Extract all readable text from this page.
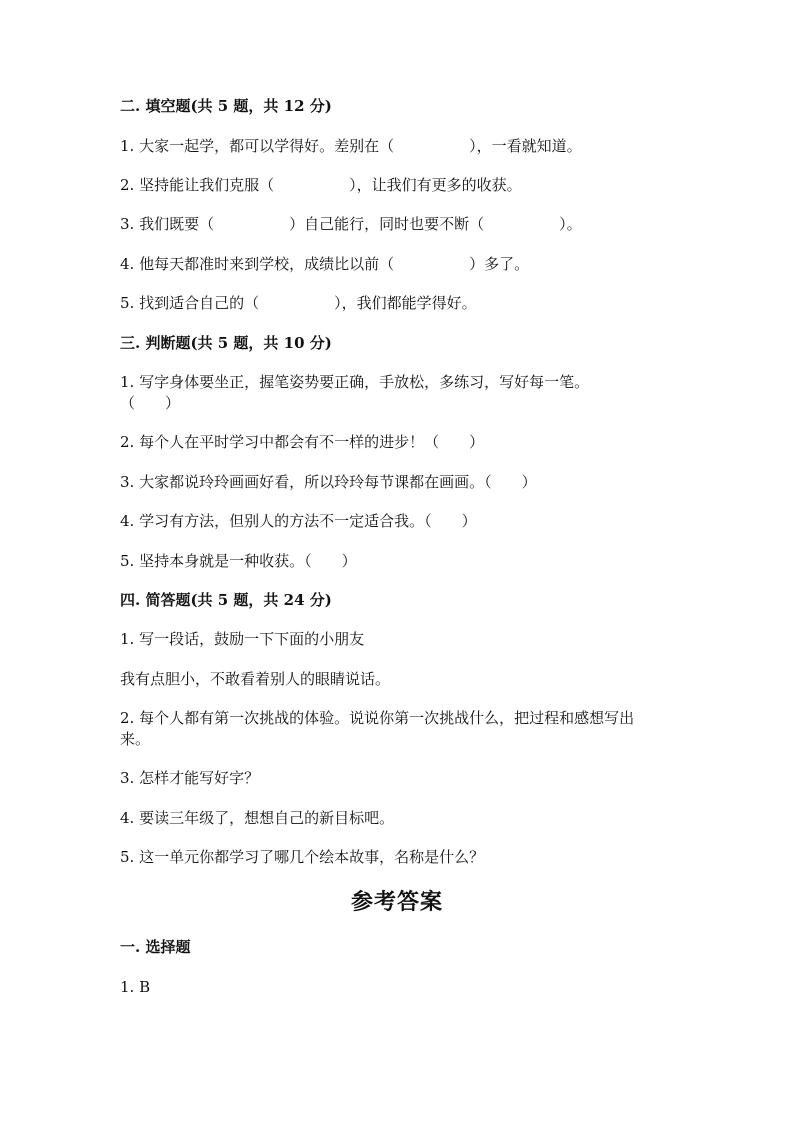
二. 填空题(共 5 题，共 12 分)
1. 大家一起学，都可以学得好。差别在（　　　　　），一看就知道。
2. 坚持能让我们克服（　　　　　），让我们有更多的收获。
3. 我们既要（　　　　　）自己能行，同时也要不断（　　　　　）。
4. 他每天都准时来到学校，成绩比以前（　　　　　）多了。
5. 找到适合自己的（　　　　　），我们都能学得好。
三. 判断题(共 5 题，共 10 分)
1. 写字身体要坐正，握笔姿势要正确，手放松，多练习，写好每一笔。
（　　）
2. 每个人在平时学习中都会有不一样的进步！（　　）
3. 大家都说玲玲画画好看，所以玲玲每节课都在画画。（　　）
4. 学习有方法，但别人的方法不一定适合我。（　　）
5. 坚持本身就是一种收获。（　　）
四. 简答题(共 5 题，共 24 分)
1. 写一段话，鼓励一下下面的小朋友
我有点胆小，不敢看着别人的眼睛说话。
2. 每个人都有第一次挑战的体验。说说你第一次挑战什么，把过程和感想写出
来。
3. 怎样才能写好字？
4. 要读三年级了，想想自己的新目标吧。
5. 这一单元你都学习了哪几个绘本故事，名称是什么？
参考答案
一. 选择题
1. B
